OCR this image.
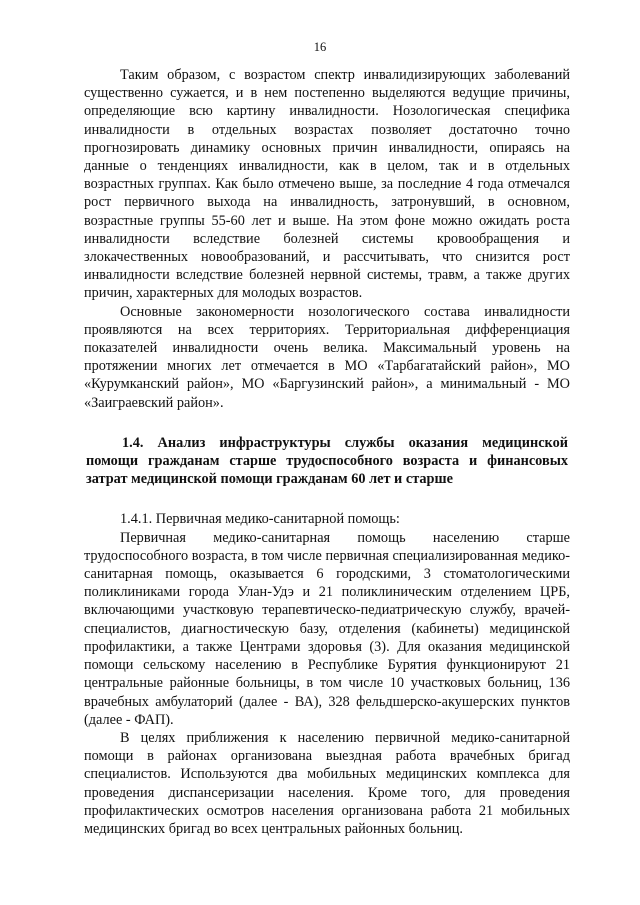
16

Таким образом, с возрастом спектр инвалидизирующих заболеваний существенно сужается, и в нем постепенно выделяются ведущие причины, определяющие всю картину инвалидности. Нозологическая специфика инвалидности в отдельных возрастах позволяет достаточно точно прогнозировать динамику основных причин инвалидности, опираясь на данные о тенденциях инвалидности, как в целом, так и в отдельных возрастных группах. Как было отмечено выше, за последние 4 года отмечался рост первичного выхода на инвалидность, затронувший, в основном, возрастные группы 55-60 лет и выше. На этом фоне можно ожидать роста инвалидности вследствие болезней системы кровообращения и злокачественных новообразований, и рассчитывать, что снизится рост инвалидности вследствие болезней нервной системы, травм, а также других причин, характерных для молодых возрастов.

Основные закономерности нозологического состава инвалидности проявляются на всех территориях. Территориальная дифференциация показателей инвалидности очень велика. Максимальный уровень на протяжении многих лет отмечается в МО «Тарбагатайский район», МО «Курумканский район», МО «Баргузинский район», а минимальный - МО «Заиграевский район».

1.4. Анализ инфраструктуры службы оказания медицинской помощи гражданам старше трудоспособного возраста и финансовых затрат медицинской помощи гражданам 60 лет и старше

1.4.1. Первичная медико-санитарной помощь:

Первичная медико-санитарная помощь населению старше трудоспособного возраста, в том числе первичная специализированная медико-санитарная помощь, оказывается 6 городскими, 3 стоматологическими поликлиниками города Улан-Удэ и 21 поликлиническим отделением ЦРБ, включающими участковую терапевтическо-педиатрическую службу, врачей-специалистов, диагностическую базу, отделения (кабинеты) медицинской профилактики, а также Центрами здоровья (3). Для оказания медицинской помощи сельскому населению в Республике Бурятия функционируют 21 центральные районные больницы, в том числе 10 участковых больниц, 136 врачебных амбулаторий (далее - ВА), 328 фельдшерско-акушерских пунктов (далее - ФАП).

В целях приближения к населению первичной медико-санитарной помощи в районах организована выездная работа врачебных бригад специалистов. Используются два мобильных медицинских комплекса для проведения диспансеризации населения. Кроме того, для проведения профилактических осмотров населения организована работа 21 мобильных медицинских бригад во всех центральных районных больниц.
